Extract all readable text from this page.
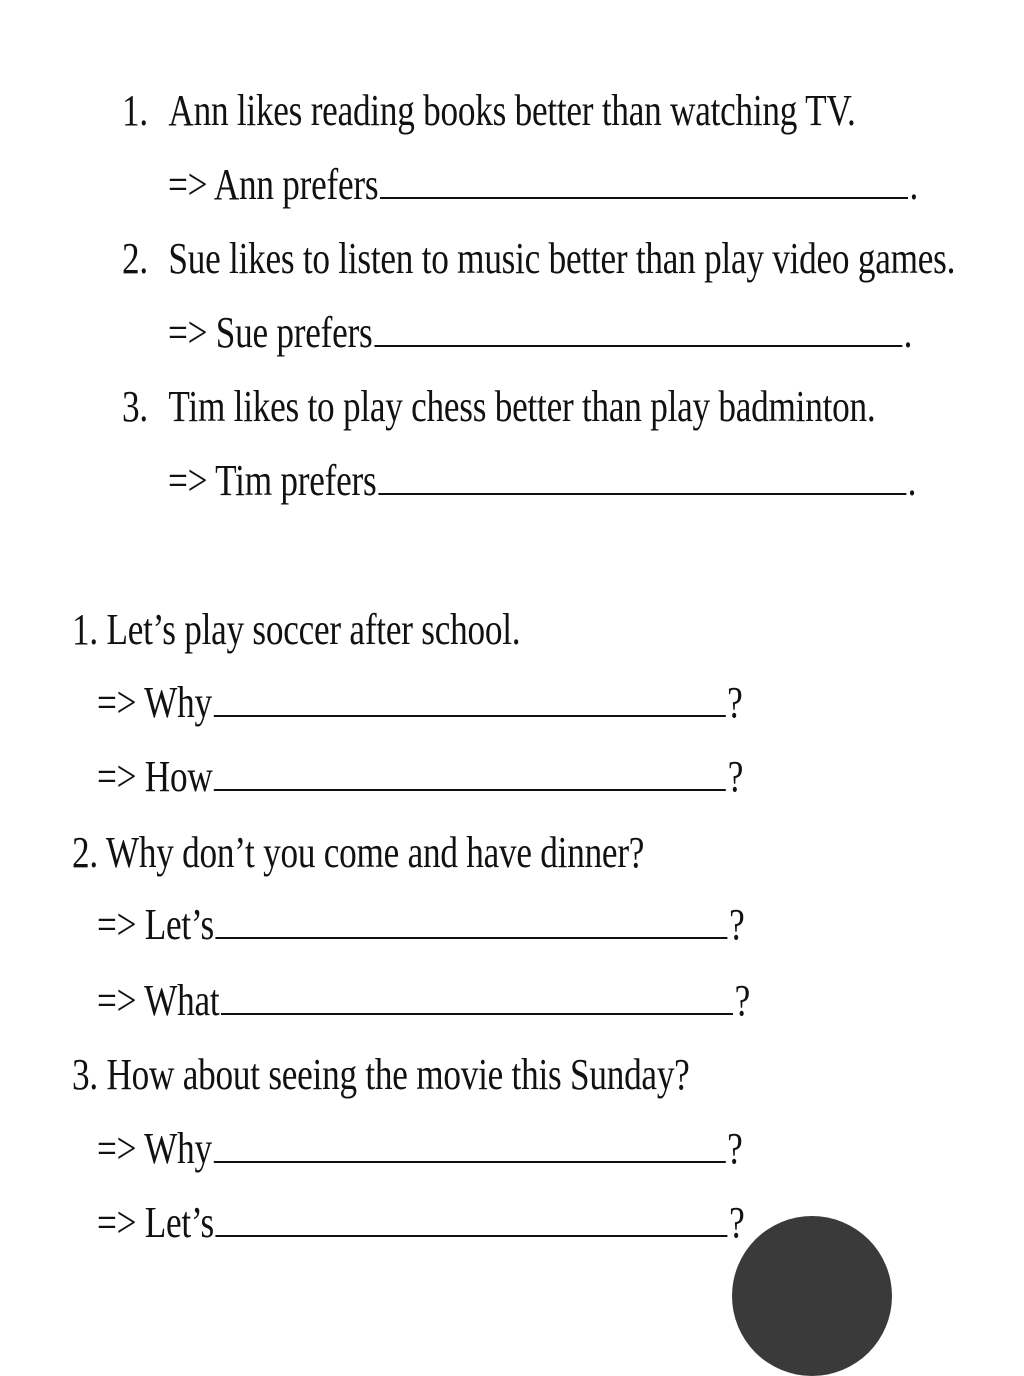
1. Ann likes reading books better than watching TV.
=> Ann prefers	.
2. Sue likes to listen to music better than play video games.
=> Sue prefers	.
3. Tim likes to play chess better than play badminton.
=> Tim prefers	.
1. Let’s play soccer after school.
=> Why	?
=> How	?
2. Why don’t you come and have dinner?
=> Let’s	?
=> What	?
3. How about seeing the movie this Sunday?
=> Why	?
=> Let’s	?
